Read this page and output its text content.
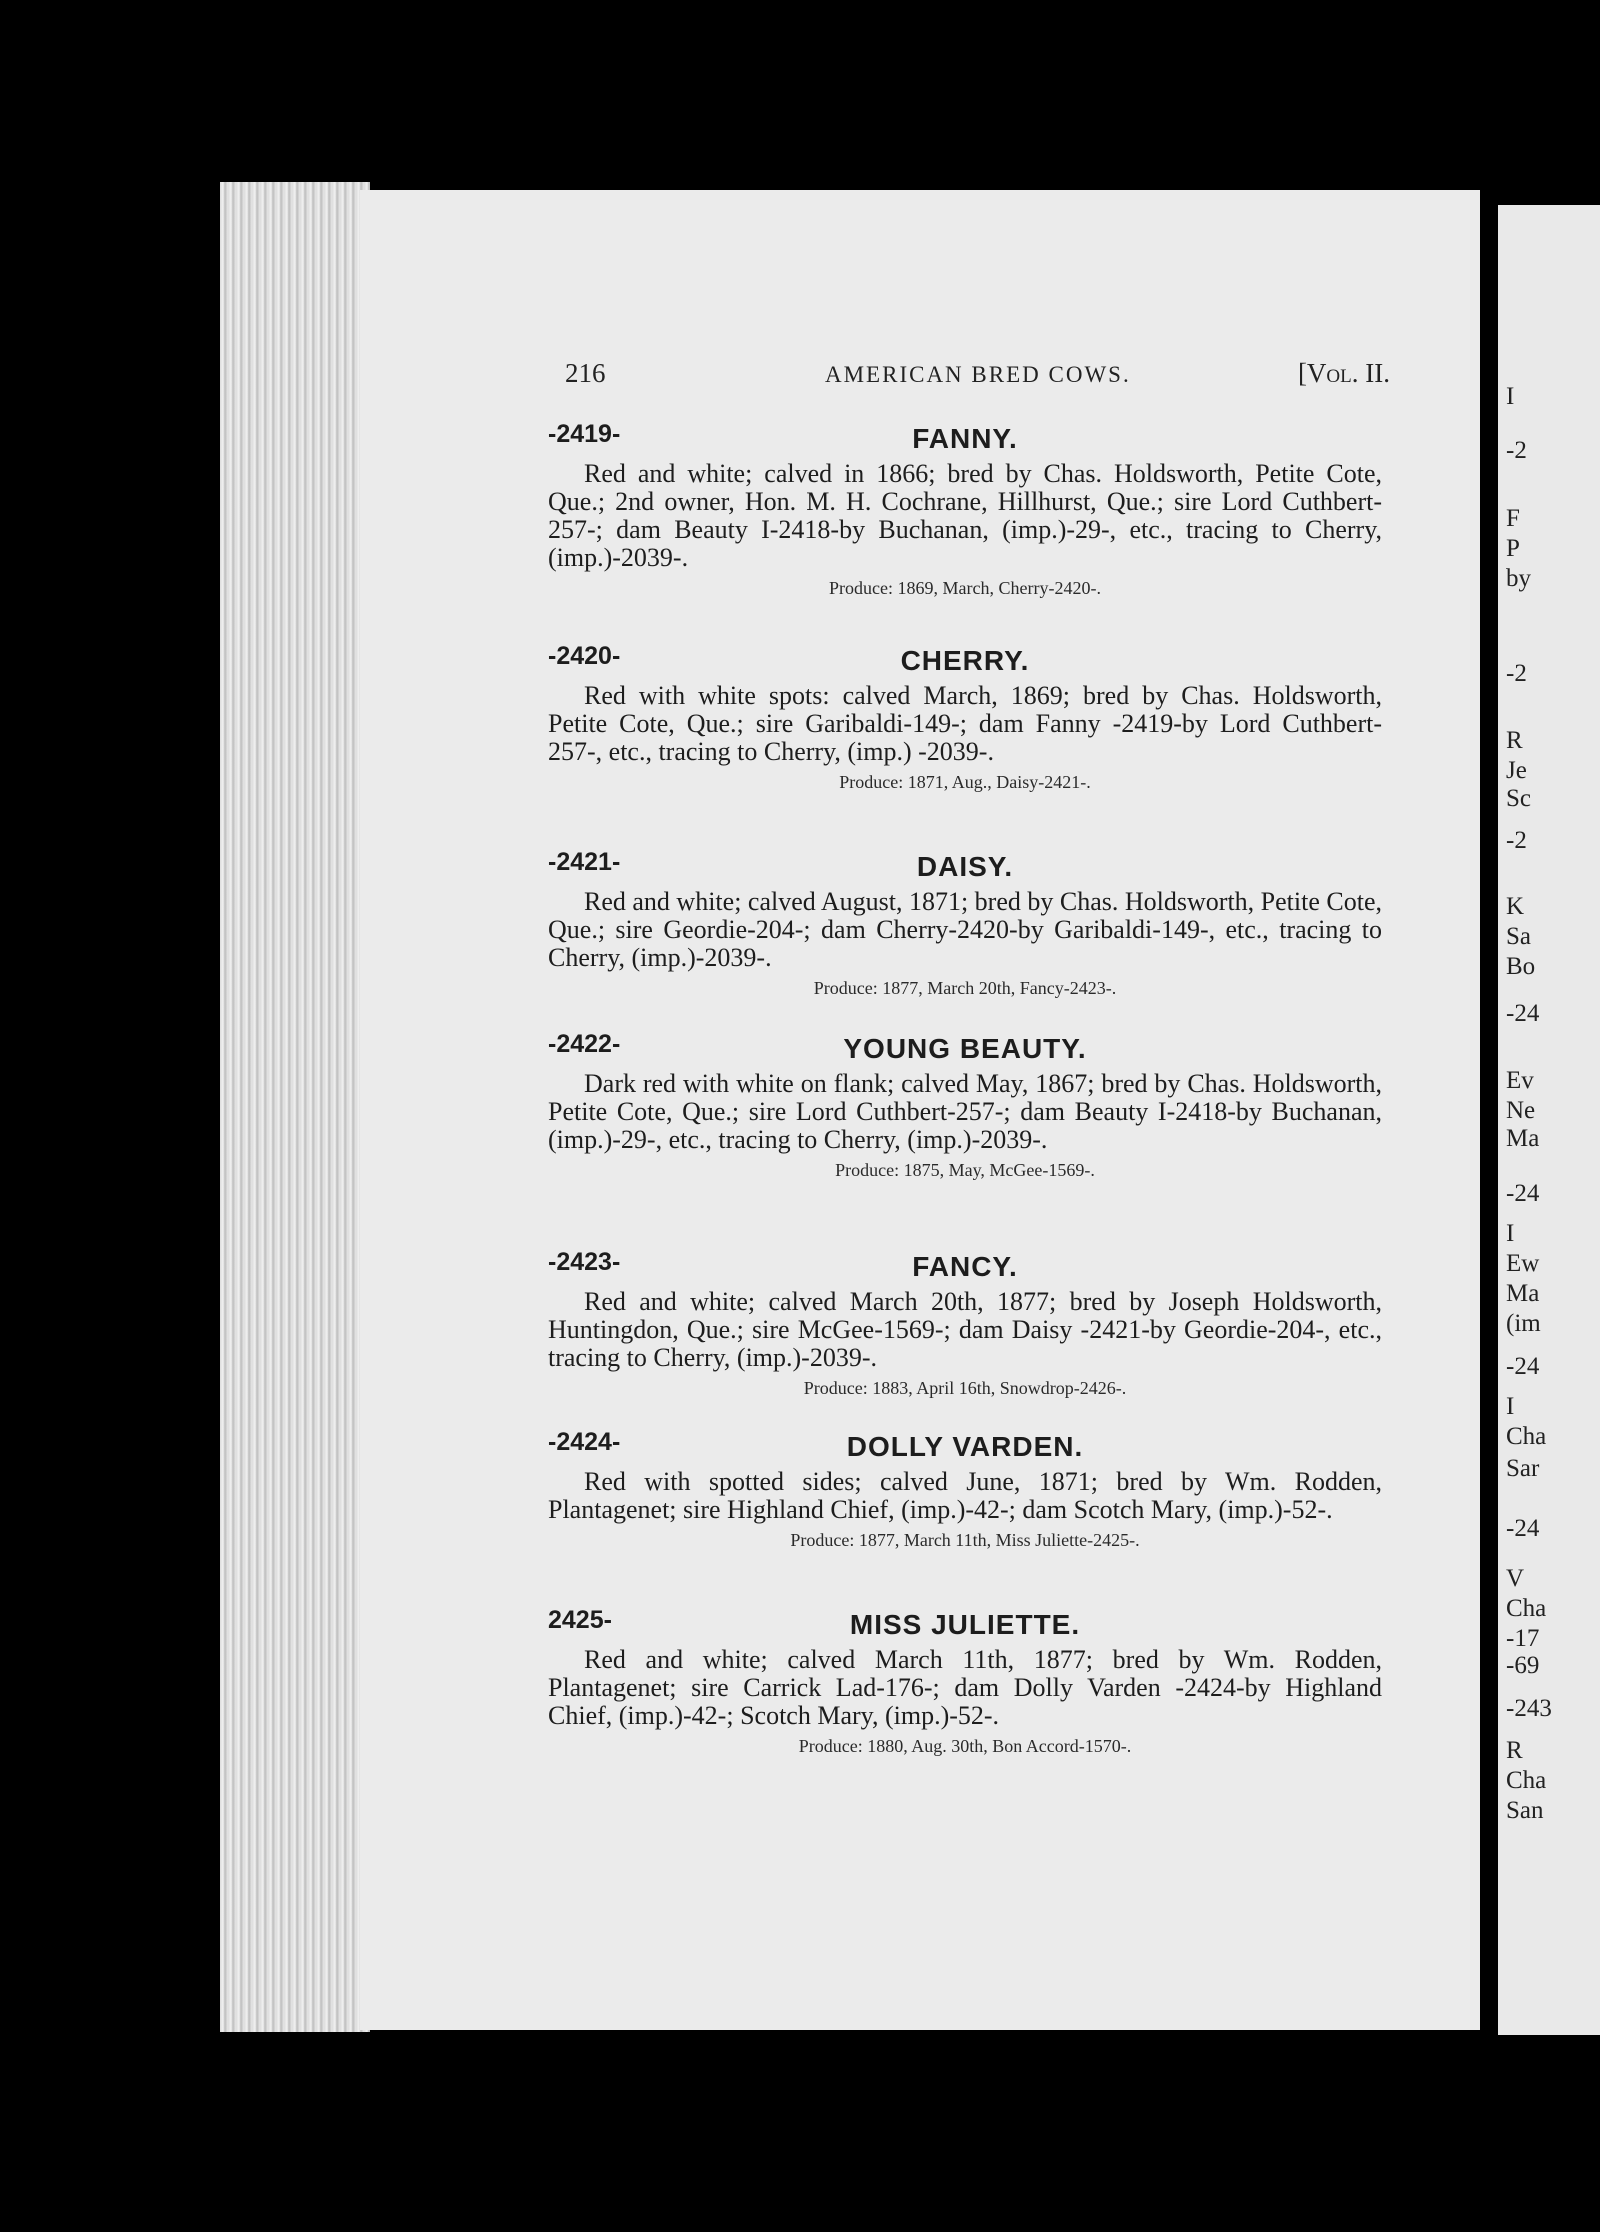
I
-2
F
P
by
-2
R
Je
Sc
-2
K
Sa
Bo
-24
Ev
Ne
Ma
-24
I
Ew
Ma
(im
-24
I
Cha
Sar
-24
V
Cha
-17
-69
-243
R
Cha
San
216	AMERICAN BRED COWS.	[Vol. II.
-2419-	FANNY.

Red and white; calved in 1866; bred by Chas. Holdsworth, Petite Cote, Que.; 2nd owner, Hon. M. H. Cochrane, Hillhurst, Que.; sire Lord Cuthbert-257-; dam Beauty I-2418-by Buchanan, (imp.)-29-, etc., tracing to Cherry, (imp.)-2039-.

Produce: 1869, March, Cherry-2420-.
-2420-	CHERRY.

Red with white spots: calved March, 1869; bred by Chas. Holdsworth, Petite Cote, Que.; sire Garibaldi-149-; dam Fanny -2419-by Lord Cuthbert-257-, etc., tracing to Cherry, (imp.) -2039-.

Produce: 1871, Aug., Daisy-2421-.
-2421-	DAISY.

Red and white; calved August, 1871; bred by Chas. Holdsworth, Petite Cote, Que.; sire Geordie-204-; dam Cherry-2420-by Garibaldi-149-, etc., tracing to Cherry, (imp.)-2039-.

Produce: 1877, March 20th, Fancy-2423-.
-2422-	YOUNG BEAUTY.

Dark red with white on flank; calved May, 1867; bred by Chas. Holdsworth, Petite Cote, Que.; sire Lord Cuthbert-257-; dam Beauty I-2418-by Buchanan, (imp.)-29-, etc., tracing to Cherry, (imp.)-2039-.

Produce: 1875, May, McGee-1569-.
-2423-	FANCY.

Red and white; calved March 20th, 1877; bred by Joseph Holdsworth, Huntingdon, Que.; sire McGee-1569-; dam Daisy -2421-by Geordie-204-, etc., tracing to Cherry, (imp.)-2039-.

Produce: 1883, April 16th, Snowdrop-2426-.
-2424-	DOLLY VARDEN.

Red with spotted sides; calved June, 1871; bred by Wm. Rodden, Plantagenet; sire Highland Chief, (imp.)-42-; dam Scotch Mary, (imp.)-52-.

Produce: 1877, March 11th, Miss Juliette-2425-.
2425-	MISS JULIETTE.

Red and white; calved March 11th, 1877; bred by Wm. Rodden, Plantagenet; sire Carrick Lad-176-; dam Dolly Varden -2424-by Highland Chief, (imp.)-42-; Scotch Mary, (imp.)-52-.

Produce: 1880, Aug. 30th, Bon Accord-1570-.
